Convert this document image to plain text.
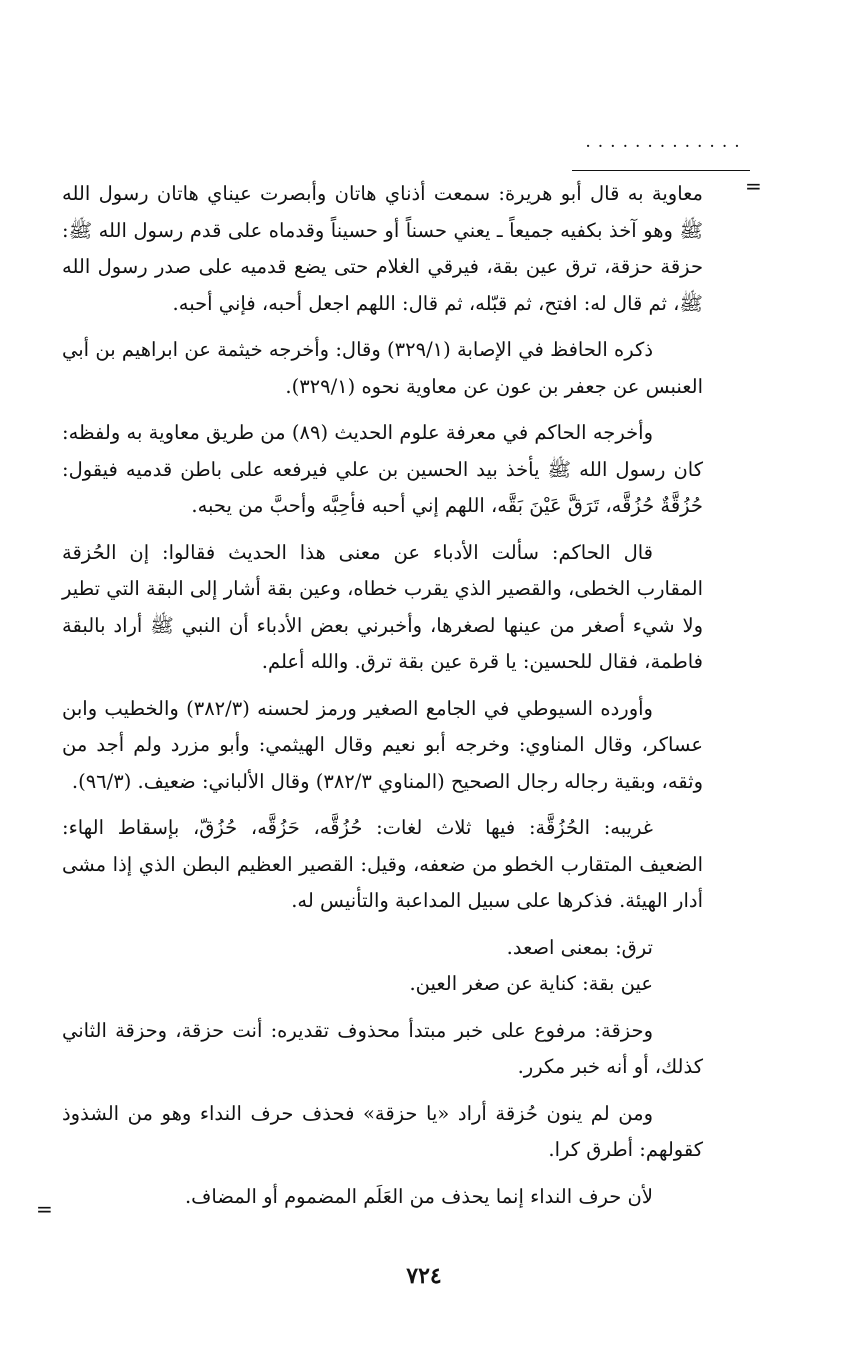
.............
=

معاوية به قال أبو هريرة: سمعت أذناي هاتان وأبصرت عيناي هاتان رسول الله ﷺ وهو آخذ بكفيه جميعاً ـ يعني حسناً أو حسيناً وقدماه على قدم رسول الله ﷺ: حزقة حزقة، ترق عين بقة، فيرقي الغلام حتى يضع قدميه على صدر رسول الله ﷺ، ثم قال له: افتح، ثم قبّله، ثم قال: اللهم اجعل أحبه، فإني أحبه.

ذكره الحافظ في الإصابة (٣٢٩/١) وقال: وأخرجه خيثمة عن ابراهيم بن أبي العنبس عن جعفر بن عون عن معاوية نحوه (٣٢٩/١).

وأخرجه الحاكم في معرفة علوم الحديث (٨٩) من طريق معاوية به ولفظه: كان رسول الله ﷺ يأخذ بيد الحسين بن علي فيرفعه على باطن قدميه فيقول: حُزُقَّةٌ حُزُقَّه، تَرَقَّ عَيْنَ بَقَّه، اللهم إني أحبه فأحِبَّه وأحبَّ من يحبه.

قال الحاكم: سألت الأدباء عن معنى هذا الحديث فقالوا: إن الحُزقة المقارب الخطى، والقصير الذي يقرب خطاه، وعين بقة أشار إلى البقة التي تطير ولا شيء أصغر من عينها لصغرها، وأخبرني بعض الأدباء أن النبي ﷺ أراد بالبقة فاطمة، فقال للحسين: يا قرة عين بقة ترق. والله أعلم.

وأورده السيوطي في الجامع الصغير ورمز لحسنه (٣٨٢/٣) والخطيب وابن عساكر، وقال المناوي: وخرجه أبو نعيم وقال الهيثمي: وأبو مزرد ولم أجد من وثقه، وبقية رجاله رجال الصحيح (المناوي ٣٨٢/٣) وقال الألباني: ضعيف. (٩٦/٣).

غريبه: الحُزُقَّة: فيها ثلاث لغات: حُزُقَّه، حَزُقَّه، حُزُقّ، بإسقاط الهاء: الضعيف المتقارب الخطو من ضعفه، وقيل: القصير العظيم البطن الذي إذا مشى أدار الهيئة. فذكرها على سبيل المداعبة والتأنيس له.

ترق: بمعنى اصعد.

عين بقة: كناية عن صغر العين.

وحزقة: مرفوع على خبر مبتدأ محذوف تقديره: أنت حزقة، وحزقة الثاني كذلك، أو أنه خبر مكرر.

ومن لم ينون حُزقة أراد «يا حزقة» فحذف حرف النداء وهو من الشذوذ كقولهم: أطرق كرا.

لأن حرف النداء إنما يحذف من العَلَم المضموم أو المضاف.

=
٧٢٤
